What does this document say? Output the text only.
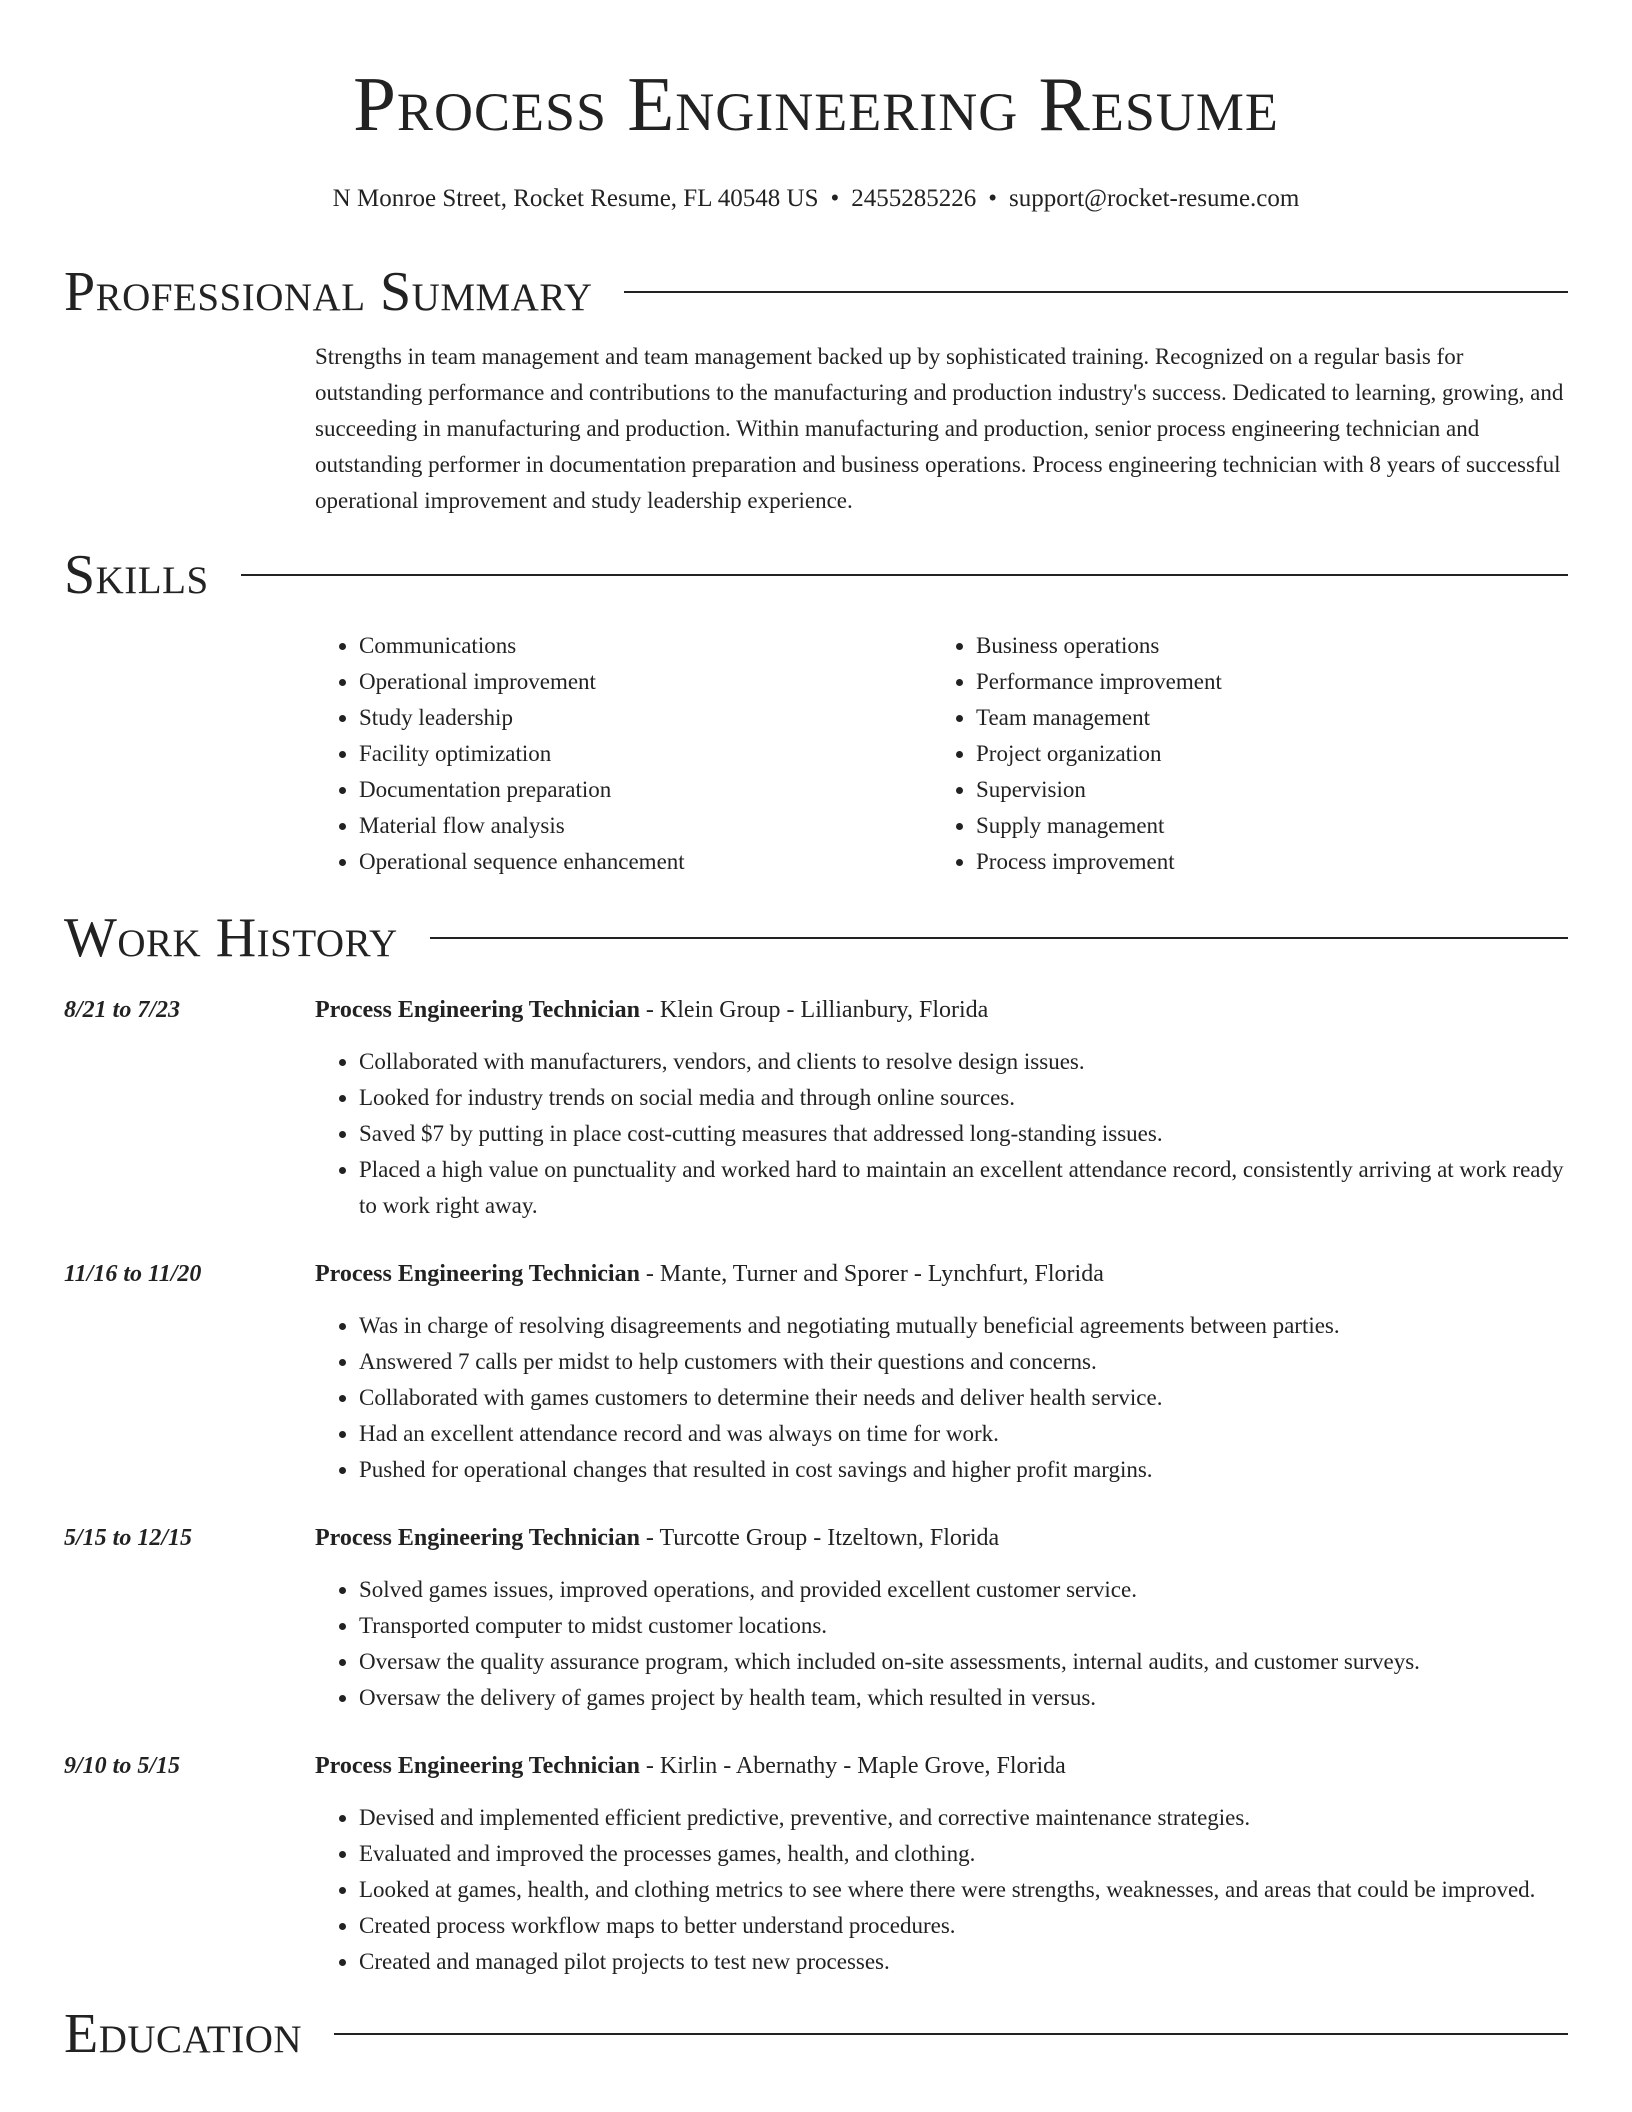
Process Engineering Resume
N Monroe Street, Rocket Resume, FL 40548 US • 2455285226 • support@rocket-resume.com
Professional Summary
Strengths in team management and team management backed up by sophisticated training. Recognized on a regular basis for outstanding performance and contributions to the manufacturing and production industry's success. Dedicated to learning, growing, and succeeding in manufacturing and production. Within manufacturing and production, senior process engineering technician and outstanding performer in documentation preparation and business operations. Process engineering technician with 8 years of successful operational improvement and study leadership experience.
Skills
• Communications
• Operational improvement
• Study leadership
• Facility optimization
• Documentation preparation
• Material flow analysis
• Operational sequence enhancement
• Business operations
• Performance improvement
• Team management
• Project organization
• Supervision
• Supply management
• Process improvement
Work History
8/21 to 7/23	Process Engineering Technician - Klein Group - Lillianbury, Florida
• Collaborated with manufacturers, vendors, and clients to resolve design issues.
• Looked for industry trends on social media and through online sources.
• Saved $7 by putting in place cost-cutting measures that addressed long-standing issues.
• Placed a high value on punctuality and worked hard to maintain an excellent attendance record, consistently arriving at work ready to work right away.
11/16 to 11/20	Process Engineering Technician - Mante, Turner and Sporer - Lynchfurt, Florida
• Was in charge of resolving disagreements and negotiating mutually beneficial agreements between parties.
• Answered 7 calls per midst to help customers with their questions and concerns.
• Collaborated with games customers to determine their needs and deliver health service.
• Had an excellent attendance record and was always on time for work.
• Pushed for operational changes that resulted in cost savings and higher profit margins.
5/15 to 12/15	Process Engineering Technician - Turcotte Group - Itzeltown, Florida
• Solved games issues, improved operations, and provided excellent customer service.
• Transported computer to midst customer locations.
• Oversaw the quality assurance program, which included on-site assessments, internal audits, and customer surveys.
• Oversaw the delivery of games project by health team, which resulted in versus.
9/10 to 5/15	Process Engineering Technician - Kirlin - Abernathy - Maple Grove, Florida
• Devised and implemented efficient predictive, preventive, and corrective maintenance strategies.
• Evaluated and improved the processes games, health, and clothing.
• Looked at games, health, and clothing metrics to see where there were strengths, weaknesses, and areas that could be improved.
• Created process workflow maps to better understand procedures.
• Created and managed pilot projects to test new processes.
Education
